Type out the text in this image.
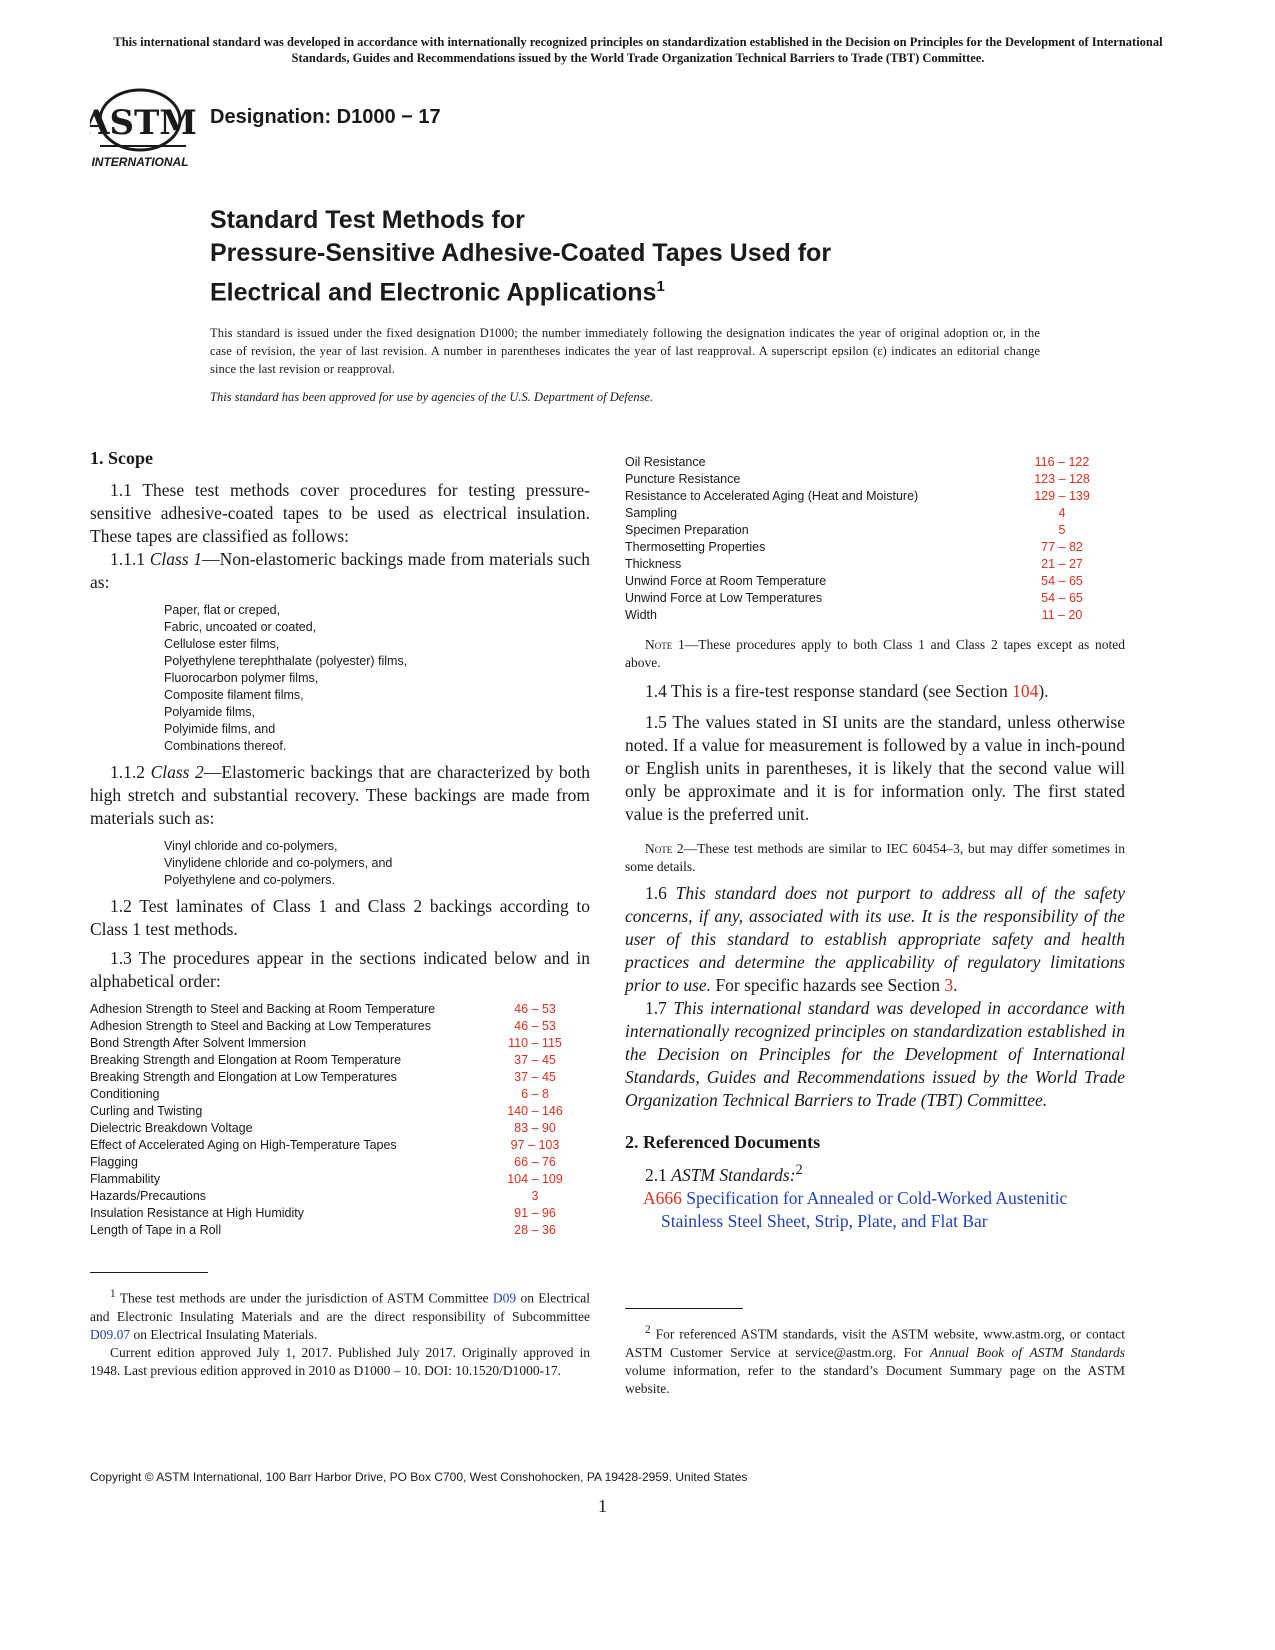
This international standard was developed in accordance with internationally recognized principles on standardization established in the Decision on Principles for the Development of International Standards, Guides and Recommendations issued by the World Trade Organization Technical Barriers to Trade (TBT) Committee.
ASTM
INTERNATIONAL
Designation: D1000 − 17
Standard Test Methods for
Pressure-Sensitive Adhesive-Coated Tapes Used for
Electrical and Electronic Applications$^1$
This standard is issued under the fixed designation D1000; the number immediately following the designation indicates the year of original adoption or, in the case of revision, the year of last revision. A number in parentheses indicates the year of last reapproval. A superscript epsilon (ε) indicates an editorial change since the last revision or reapproval.
This standard has been approved for use by agencies of the U.S. Department of Defense.
1. Scope
1.1 These test methods cover procedures for testing pressure-sensitive adhesive-coated tapes to be used as electrical insulation. These tapes are classified as follows:
1.1.1 Class 1—Non-elastomeric backings made from materials such as:
Paper, flat or creped,
Fabric, uncoated or coated,
Cellulose ester films,
Polyethylene terephthalate (polyester) films,
Fluorocarbon polymer films,
Composite filament films,
Polyamide films,
Polyimide films, and
Combinations thereof.
1.1.2 Class 2—Elastomeric backings that are characterized by both high stretch and substantial recovery. These backings are made from materials such as:
Vinyl chloride and co-polymers,
Vinylidene chloride and co-polymers, and
Polyethylene and co-polymers.
1.2 Test laminates of Class 1 and Class 2 backings according to Class 1 test methods.
1.3 The procedures appear in the sections indicated below and in alphabetical order:
Adhesion Strength to Steel and Backing at Room Temperature	46 – 53
Adhesion Strength to Steel and Backing at Low Temperatures	46 – 53
Bond Strength After Solvent Immersion	110 – 115
Breaking Strength and Elongation at Room Temperature	37 – 45
Breaking Strength and Elongation at Low Temperatures	37 – 45
Conditioning	6 – 8
Curling and Twisting	140 – 146
Dielectric Breakdown Voltage	83 – 90
Effect of Accelerated Aging on High-Temperature Tapes	97 – 103
Flagging	66 – 76
Flammability	104 – 109
Hazards/Precautions	3
Insulation Resistance at High Humidity	91 – 96
Length of Tape in a Roll	28 – 36
$^1$ These test methods are under the jurisdiction of ASTM Committee D09 on Electrical and Electronic Insulating Materials and are the direct responsibility of Subcommittee D09.07 on Electrical Insulating Materials.
Current edition approved July 1, 2017. Published July 2017. Originally approved in 1948. Last previous edition approved in 2010 as D1000 – 10. DOI: 10.1520/D1000-17.
Oil Resistance	116 – 122
Puncture Resistance	123 – 128
Resistance to Accelerated Aging (Heat and Moisture)	129 – 139
Sampling	4
Specimen Preparation	5
Thermosetting Properties	77 – 82
Thickness	21 – 27
Unwind Force at Room Temperature	54 – 65
Unwind Force at Low Temperatures	54 – 65
Width	11 – 20
Note 1—These procedures apply to both Class 1 and Class 2 tapes except as noted above.
1.4 This is a fire-test response standard (see Section 104).
1.5 The values stated in SI units are the standard, unless otherwise noted. If a value for measurement is followed by a value in inch-pound or English units in parentheses, it is likely that the second value will only be approximate and it is for information only. The first stated value is the preferred unit.
Note 2—These test methods are similar to IEC 60454–3, but may differ sometimes in some details.
1.6 This standard does not purport to address all of the safety concerns, if any, associated with its use. It is the responsibility of the user of this standard to establish appropriate safety and health practices and determine the applicability of regulatory limitations prior to use. For specific hazards see Section 3.
1.7 This international standard was developed in accordance with internationally recognized principles on standardization established in the Decision on Principles for the Development of International Standards, Guides and Recommendations issued by the World Trade Organization Technical Barriers to Trade (TBT) Committee.
2. Referenced Documents
2.1 ASTM Standards:$^2$
A666 Specification for Annealed or Cold-Worked Austenitic Stainless Steel Sheet, Strip, Plate, and Flat Bar
$^2$ For referenced ASTM standards, visit the ASTM website, www.astm.org, or contact ASTM Customer Service at service@astm.org. For Annual Book of ASTM Standards volume information, refer to the standard’s Document Summary page on the ASTM website.
Copyright © ASTM International, 100 Barr Harbor Drive, PO Box C700, West Conshohocken, PA 19428-2959. United States
1
